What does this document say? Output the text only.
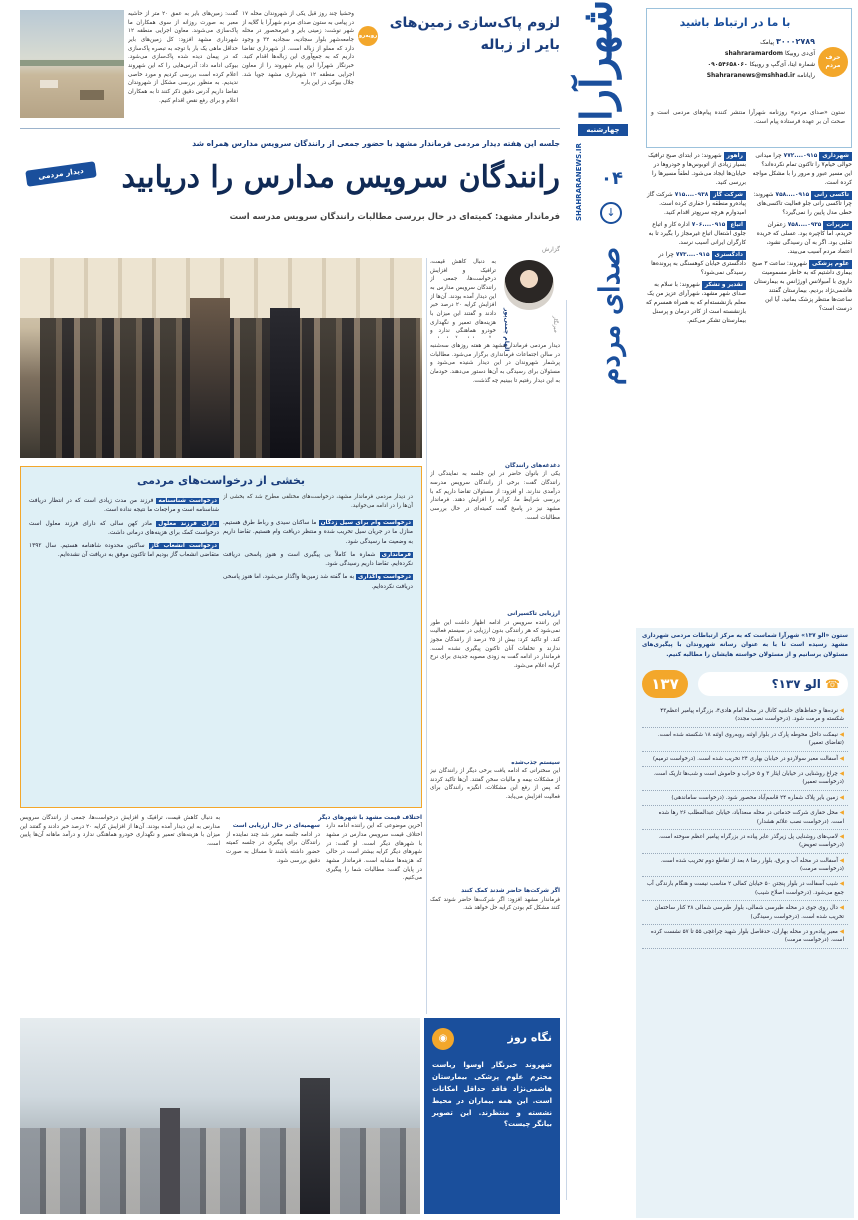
شهرآرا
چهارشنبه
SHAHRARANEWS.IR	۰۴
↓
صدای مردم
حرف مردم
با ما در ارتباط باشید
۳۰۰۰۲۷۸۹ پیامک
shahraramardom آی‌دی روبیکا
۰۹۰۵۴۶۵۸۰۶۰ شماره ایتا، آی‌گپ و روبیکا
Shahraranews@mshhad.ir رایانامه
ستون «صدای مردم» روزنامه شهرآرا منتشر کننده پیام‌های مردمی است و صحت آن بر عهده فرستاده پیام است.
شهرداری۰۹۱۵....۷۷۲ چرا میدانی حوالی خیام۷ را تاکنون تمام نکرده‌اند؟ این مسیر عبور و مرور را با مشکل مواجه کرده است.
تاکسی رانی۰۹۱۵....۷۵۸ شهروند: چرا تاکسی رانی جلو فعالیت تاکسی‌های خطی مدل پایین را نمی‌گیرد؟
تعزیرات۰۹۳۵....۷۵۸ زعفران خریدم، اما کاچیره بود. عسلی که خریده تقلبی بود. اگر به آن رسیدگی نشود، اعتماد مردم آسیب می‌بیند.
علوم پزشکیشهروند: ساعت ۳ صبح بیماری داشتیم که به خاطر مسمومیت داروی با آمبولانس اورژانس به بیمارستان هاشمی‌نژاد بردیم. بیمارستان گفتند ساعت‌ها منتظر پزشک بمانید، آیا این درست است؟
راهورشهروند: در ابتدای صبح ترافیک بسیار زیادی از اتوبوس‌ها و خودروها در خیابان‌ها ایجاد می‌شود. لطفاً مسیرها را بررسی کنید.
شرکت گاز۰۹۳۸....۷۱۵ شرکت گاز پیاده‌رو منطقه را حفاری کرده است. امیدوارم هرچه سریع‌تر اقدام کنید.
اتباع۰۹۱۵....۷۰۶ اداره کار و اتباع جلوی اشتغال اتباع غیرمجاز را بگیرد تا به کارگران ایرانی آسیب نرسد.
دادگستری۰۹۱۵....۷۷۳ چرا در دادگستری خیابان کوهسنگی به پرونده‌ها رسیدگی نمی‌شود؟
تقدیر و تشکرشهروند: با سلام به صدای شهر مشهد، شهرآرای عزیز من یک معلم بازنشسته‌ام که به همراه همسرم که بازنشسته است از کادر درمان و پرسنل بیمارستان تشکر می‌کنم.
ستون «الو ۱۳۷» شهرآرا شماست که به مرکز ارتباطات مردمی شهرداری مشهد رسیده است تا با به عنوان رسانه شهروندان با پیگیری‌های مسئولان برسانیم و از مسئولان خواسته هایشان را مطالبه کنیم.
۱۳۷	☎ الو ۱۳۷؟
◀ نرده‌ها و حفاظ‌های حاشیه کانال در محله امام هادی۴، بزرگراه پیامبر اعظم۴۳ شکسته و مرمت شود. (درخواست نصب مجدد)
◀ نیمکت داخل محوطه پارک در بلوار اوثنه روبه‌روی اوثنه ۱۸ شکسته شده است. (تقاضای تعمیر)
◀ آسفالت معبر سولاردو در خیابان بهاری ۲۴ تخریب شده است. (درخواست ترمیم)
◀ چراغ روشنایی در خیابان ایثار ۳ و ۵ خراب و خاموش است و شب‌ها تاریک است. (درخواست تعمیر)
◀ زمین بایر پلاک شماره ۲۴ قاسم‌آباد محصور شود. (درخواست ساماندهی)
◀ محل حفاری شرکت خدماتی در محله سعدآباد، خیابان عبدالمطلب ۲۶ رها شده است. (درخواست نصب علائم هشدار)
◀ لامپ‌های روشنایی پل زیرگذر عابر پیاده در بزرگراه پیامبر اعظم سوخته است. (درخواست تعویض)
◀ آسفالت در محله آب و برق، بلوار رضا ۸ بعد از تقاطع دوم تخریب شده است. (درخواست مرمت)
◀ شیب آسفالت در بلوار پنجتن ۵۰ خیابان کمالی ۲ مناسب نیست و هنگام بارندگی آب جمع می‌شود. (درخواست اصلاح شیب)
◀ دال روی جوی در محله طبرسی شمالی، بلوار طبرسی شمالی ۲۸ کنار ساختمان تخریب شده است. (درخواست رسیدگی)
◀ معبر پیاده‌رو در محله بهاران، حدفاصل بلوار شهید چراغچی ۵۵ تا ۵۷ نشست کرده است. (درخواست مرمت)
گفت: زمین‌های بایر به عمق ۲۰ متر از حاشیه معبر به صورت روزانه از سوی همکاران ما پاک‌سازی می‌شوند. معاون اجرایی منطقه ۱۲ شهرداری مشهد افزود: کل زمین‌های بایر حداقل ماهی یک بار با توجه به تبصره پاک‌سازی که در پیمان دیده شده پاک‌سازی می‌شود. بیوکی ادامه داد: آدرس‌هایی را که این شهروند اعلام کرده است بررسی کردیم و مورد خاصی ندیدیم. به منظور بررسی مشکل از شهروندان تقاضا داریم آدرس دقیق ذکر کنند تا به همکاران اعلام و برای رفع نقص اقدام کنیم.
وحشیا چند روز قبل یکی از شهروندان محله ۱۷ در پیامی به ستون صدای مردم شهرآرا با گلایه از شهر نوشت: زمینی بایر و غیرمحصور در محله جامعه‌شهر بلوار سجادیه، سجادیه ۳۲ و وجود دارد که مملو از زباله است. از شهرداری تقاضا داریم که به جمع‌آوری این زباله‌ها اقدام کنید. خبرنگار شهرآرا این پیام شهروند را از معاون اجرایی منطقه ۱۲ شهرداری مشهد جویا شد. جلال بیوکی در این باره
روبه‌رو
لزوم پاک‌سازی زمین‌های بایر از زباله
جلسه این هفته دیدار مردمی فرماندار مشهد با حضور جمعی از رانندگان سرویس مدارس همراه شد
دیدار مردمی	رانندگان سرویس مدارس را دریابید
فرماندار مشهد: کمیته‌ای در حال بررسی مطالبات رانندگان سرویس مدرسه است
گزارش
الهام چمنی‌پور	خبرنگار
به دنبال کاهش قیمت، ترافیک و افزایش درخواست‌ها، جمعی از رانندگان سرویس مدارس به این دیدار آمده بودند. آن‌ها از افزایش کرایه ۲۰ درصد خبر دادند و گفتند این میزان با هزینه‌های تعمیر و نگهداری خودرو هماهنگی ندارد و
دیدار مردمی فرماندار مشهد هر هفته روزهای سه‌شنبه در سالن اجتماعات فرمانداری برگزار می‌شود. مطالبات پرشمار شهروندان در این دیدار شنیده می‌شود و مسئولان برای رسیدگی به آن‌ها دستور می‌دهند. خودمان به این دیدار رفتیم تا ببینیم چه گذشت.
دغدغه‌های رانندگان
یکی از بانوان حاضر در این جلسه به نمایندگی از رانندگان گفت: برخی از رانندگان سرویس مدرسه درآمدی ندارند. او افزود: از مسئولان تقاضا داریم که با بررسی شرایط ما، کرایه را افزایش دهند. فرماندار مشهد نیز در پاسخ گفت کمیته‌ای در حال بررسی مطالبات است.
ارزیابی تاکسیرانی
این راننده سرویس در ادامه اظهار داشت این طور نمی‌شود که هر رانندگی بدون ارزیابی در سیستم فعالیت کند. او تاکید کرد: بیش از ۲۵ درصد از رانندگان مجوز ندارند و تخلفات آنان تاکنون پیگیری نشده است. فرماندار در ادامه گفت به زودی مصوبه جدیدی برای نرخ کرایه اعلام می‌شود.
سیستم جذب‌شده
این سخنرانی که ادامه یافت برخی دیگر از رانندگان نیز از مشکلات بیمه و مالیات سخن گفتند. آن‌ها تاکید کردند که پس از رفع این مشکلات، انگیزه رانندگان برای فعالیت افزایش می‌یابد.
اگر شرکت‌ها حاضر شدند کمک کنند
فرماندار مشهد افزود: اگر شرکت‌ها حاضر شوند کمک کنند مشکل کم بودن کرایه حل خواهد شد.
بخشی از درخواست‌های مردمی
در دیدار مردمی فرماندار مشهد، درخواست‌های مختلفی مطرح شد که بخشی از آن‌ها را در ادامه می‌خوانید.
درخواست وام برای سیل زدگان ما ساکنان سیدی و رباط طرق هستیم. منازل ما در جریان سیل تخریب شده و منتظر دریافت وام هستیم. تقاضا داریم به وضعیت ما رسیدگی شود.
فرمانداری شماره ما کاملاً بی پیگیری است و هنوز پاسخی دریافت نکرده‌ایم. تقاضا داریم رسیدگی شود.
درخواست واگذاری به ما گفته شد زمین‌ها واگذار می‌شود، اما هنوز پاسخی دریافت نکرده‌ایم.
درخواست شناسنامه فرزند من مدت زیادی است که در انتظار دریافت شناسنامه است و مراجعات ما نتیجه نداده است.
دارای فرزند معلول مادر کهن سالی که دارای فرزند معلول است درخواست کمک برای هزینه‌های درمانی داشت.
درخواست انشعاب گاز ساکنین محدوده شاهنامه هستیم. سال ۱۳۹۲ متقاضی انشعاب گاز بودیم اما تاکنون موفق به دریافت آن نشده‌ایم.
اختلاف قیمت مشهد با شهرهای دیگر
آخرین موضوعی که این راننده ادامه دارد اختلاف قیمت سرویس مدارس در مشهد با شهرهای دیگر است. او گفت: در شهرهای دیگر کرایه بیشتر است در حالی که هزینه‌ها مشابه است. فرماندار مشهد در پایان گفت: مطالبات شما را پیگیری می‌کنیم.
سهمیه‌ای در حال ارزیابی است
در ادامه جلسه مقرر شد چند نماینده از رانندگان برای پیگیری در جلسه کمیته حضور داشته باشند تا مسائل به صورت دقیق بررسی شود.
به دنبال کاهش قیمت، ترافیک و افزایش درخواست‌ها، جمعی از رانندگان سرویس مدارس به این دیدار آمده بودند. آن‌ها از افزایش کرایه ۲۰ درصد خبر دادند و گفتند این میزان با هزینه‌های تعمیر و نگهداری خودرو هماهنگی ندارد و درآمد ماهانه آن‌ها پایین است.
◉	نگاه روز
شهروند خبرنگار اوسوا رباست محترم علوم پزشکی بیمارستان هاشمی‌نژاد فاقد حداقل امکانات است. این همه بیماران در محیط نشسته و منتظرند. این تصویر بیانگر چیست؟
